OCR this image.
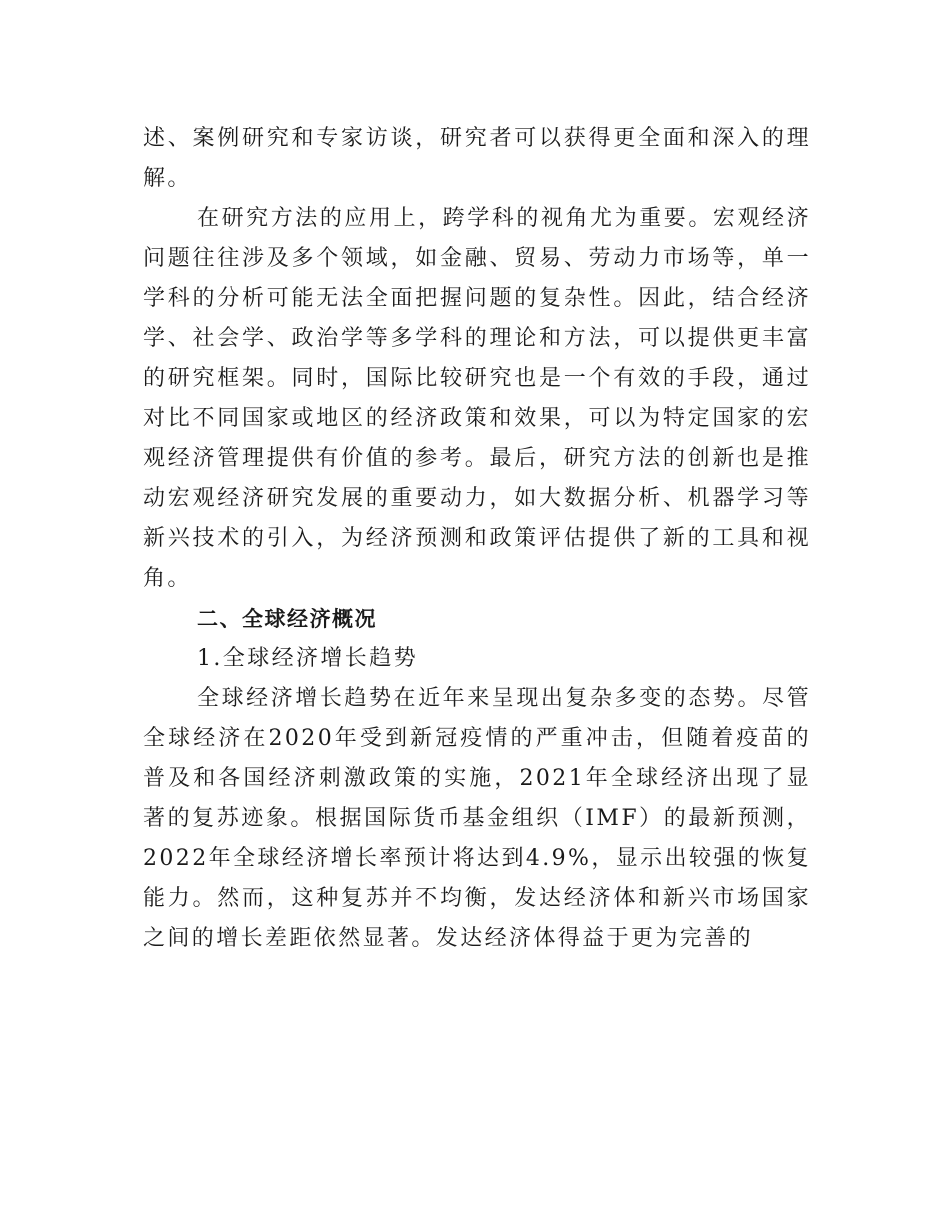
述、案例研究和专家访谈，研究者可以获得更全面和深入的理解。

在研究方法的应用上，跨学科的视角尤为重要。宏观经济问题往往涉及多个领域，如金融、贸易、劳动力市场等，单一学科的分析可能无法全面把握问题的复杂性。因此，结合经济学、社会学、政治学等多学科的理论和方法，可以提供更丰富的研究框架。同时，国际比较研究也是一个有效的手段，通过对比不同国家或地区的经济政策和效果，可以为特定国家的宏观经济管理提供有价值的参考。最后，研究方法的创新也是推动宏观经济研究发展的重要动力，如大数据分析、机器学习等新兴技术的引入，为经济预测和政策评估提供了新的工具和视角。

二、全球经济概况

1.全球经济增长趋势

全球经济增长趋势在近年来呈现出复杂多变的态势。尽管全球经济在2020年受到新冠疫情的严重冲击，但随着疫苗的普及和各国经济刺激政策的实施，2021年全球经济出现了显著的复苏迹象。根据国际货币基金组织（IMF）的最新预测，2022年全球经济增长率预计将达到4.9%，显示出较强的恢复能力。然而，这种复苏并不均衡，发达经济体和新兴市场国家之间的增长差距依然显著。发达经济体得益于更为完善的
